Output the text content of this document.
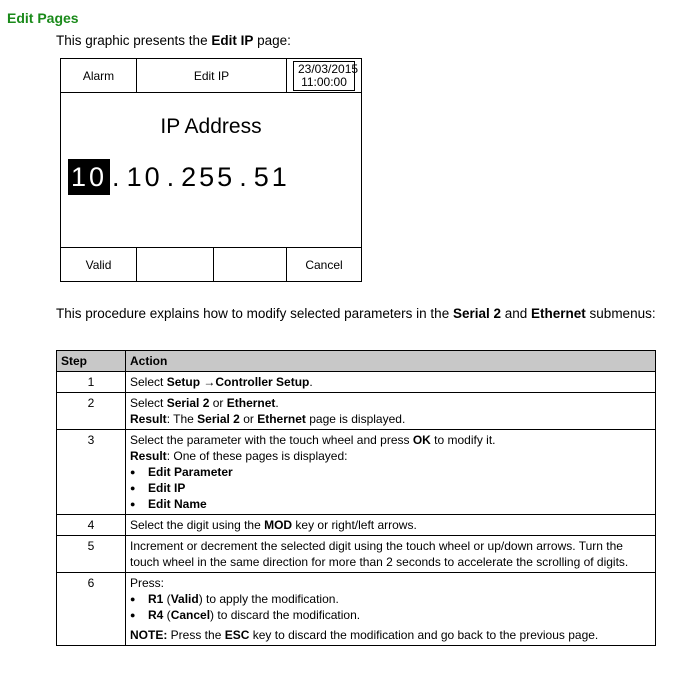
Edit Pages
This graphic presents the Edit IP page:
Alarm	Edit IP	23/03/2015
11:00:00
IP Address
10 . 10 . 255 . 51
Valid	Cancel
This procedure explains how to modify selected parameters in the Serial 2 and Ethernet submenus:
Step	Action
1	Select Setup →Controller Setup.
2	Select Serial 2 or Ethernet.
Result: The Serial 2 or Ethernet page is displayed.

3	Select the parameter with the touch wheel and press OK to modify it.
Result: One of these pages is displayed:
● Edit Parameter
● Edit IP
● Edit Name

4	Select the digit using the MOD key or right/left arrows.
5	Increment or decrement the selected digit using the touch wheel or up/down arrows. Turn the touch wheel in the same direction for more than 2 seconds to accelerate the scrolling of digits.
6	Press:
● R1 (Valid) to apply the modification.
● R4 (Cancel) to discard the modification.
NOTE: Press the ESC key to discard the modification and go back to the previous page.
